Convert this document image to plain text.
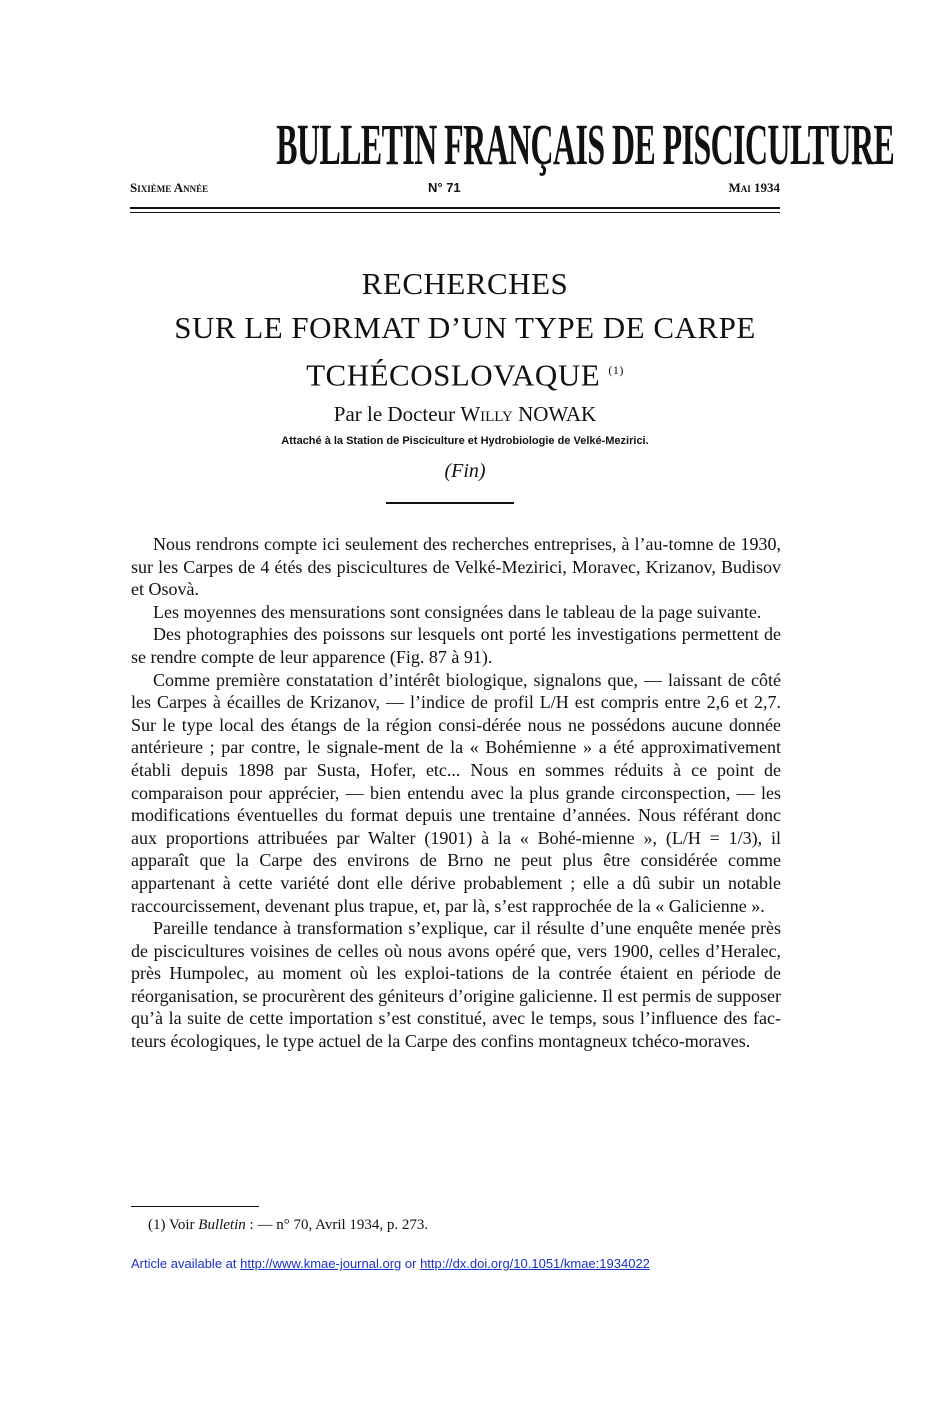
BULLETIN FRANÇAIS DE PISCICULTURE
Sixième Année	N° 71	Mai 1934
RECHERCHES
SUR LE FORMAT D’UN TYPE DE CARPE
TCHÉCOSLOVAQUE $^{(1)}$
Par le Docteur Willy NOWAK
Attaché à la Station de Pisciculture et Hydrobiologie de Velké-Mezirici.
(Fin)

Nous rendrons compte ici seulement des recherches entreprises, à l’au-tomne de 1930, sur les Carpes de 4 étés des piscicultures de Velké-Mezirici, Moravec, Krizanov, Budisov et Osovà.

Les moyennes des mensurations sont consignées dans le tableau de la page suivante.

Des photographies des poissons sur lesquels ont porté les investigations permettent de se rendre compte de leur apparence (Fig. 87 à 91).

Comme première constatation d’intérêt biologique, signalons que, — laissant de côté les Carpes à écailles de Krizanov, — l’indice de profil L/H est compris entre 2,6 et 2,7. Sur le type local des étangs de la région consi-dérée nous ne possédons aucune donnée antérieure ; par contre, le signale-ment de la « Bohémienne » a été approximativement établi depuis 1898 par Susta, Hofer, etc... Nous en sommes réduits à ce point de comparaison pour apprécier, — bien entendu avec la plus grande circonspection, — les modifications éventuelles du format depuis une trentaine d’années. Nous référant donc aux proportions attribuées par Walter (1901) à la « Bohé-mienne », (L/H = 1/3), il apparaît que la Carpe des environs de Brno ne peut plus être considérée comme appartenant à cette variété dont elle dérive probablement ; elle a dû subir un notable raccourcissement, devenant plus trapue, et, par là, s’est rapprochée de la « Galicienne ».

Pareille tendance à transformation s’explique, car il résulte d’une enquête menée près de piscicultures voisines de celles où nous avons opéré que, vers 1900, celles d’Heralec, près Humpolec, au moment où les exploi-tations de la contrée étaient en période de réorganisation, se procurèrent des géniteurs d’origine galicienne. Il est permis de supposer qu’à la suite de cette importation s’est constitué, avec le temps, sous l’influence des fac-teurs écologiques, le type actuel de la Carpe des confins montagneux tchéco-moraves.

(1) Voir Bulletin : — n° 70, Avril 1934, p. 273.
Article available at http://www.kmae-journal.org or http://dx.doi.org/10.1051/kmae:1934022
